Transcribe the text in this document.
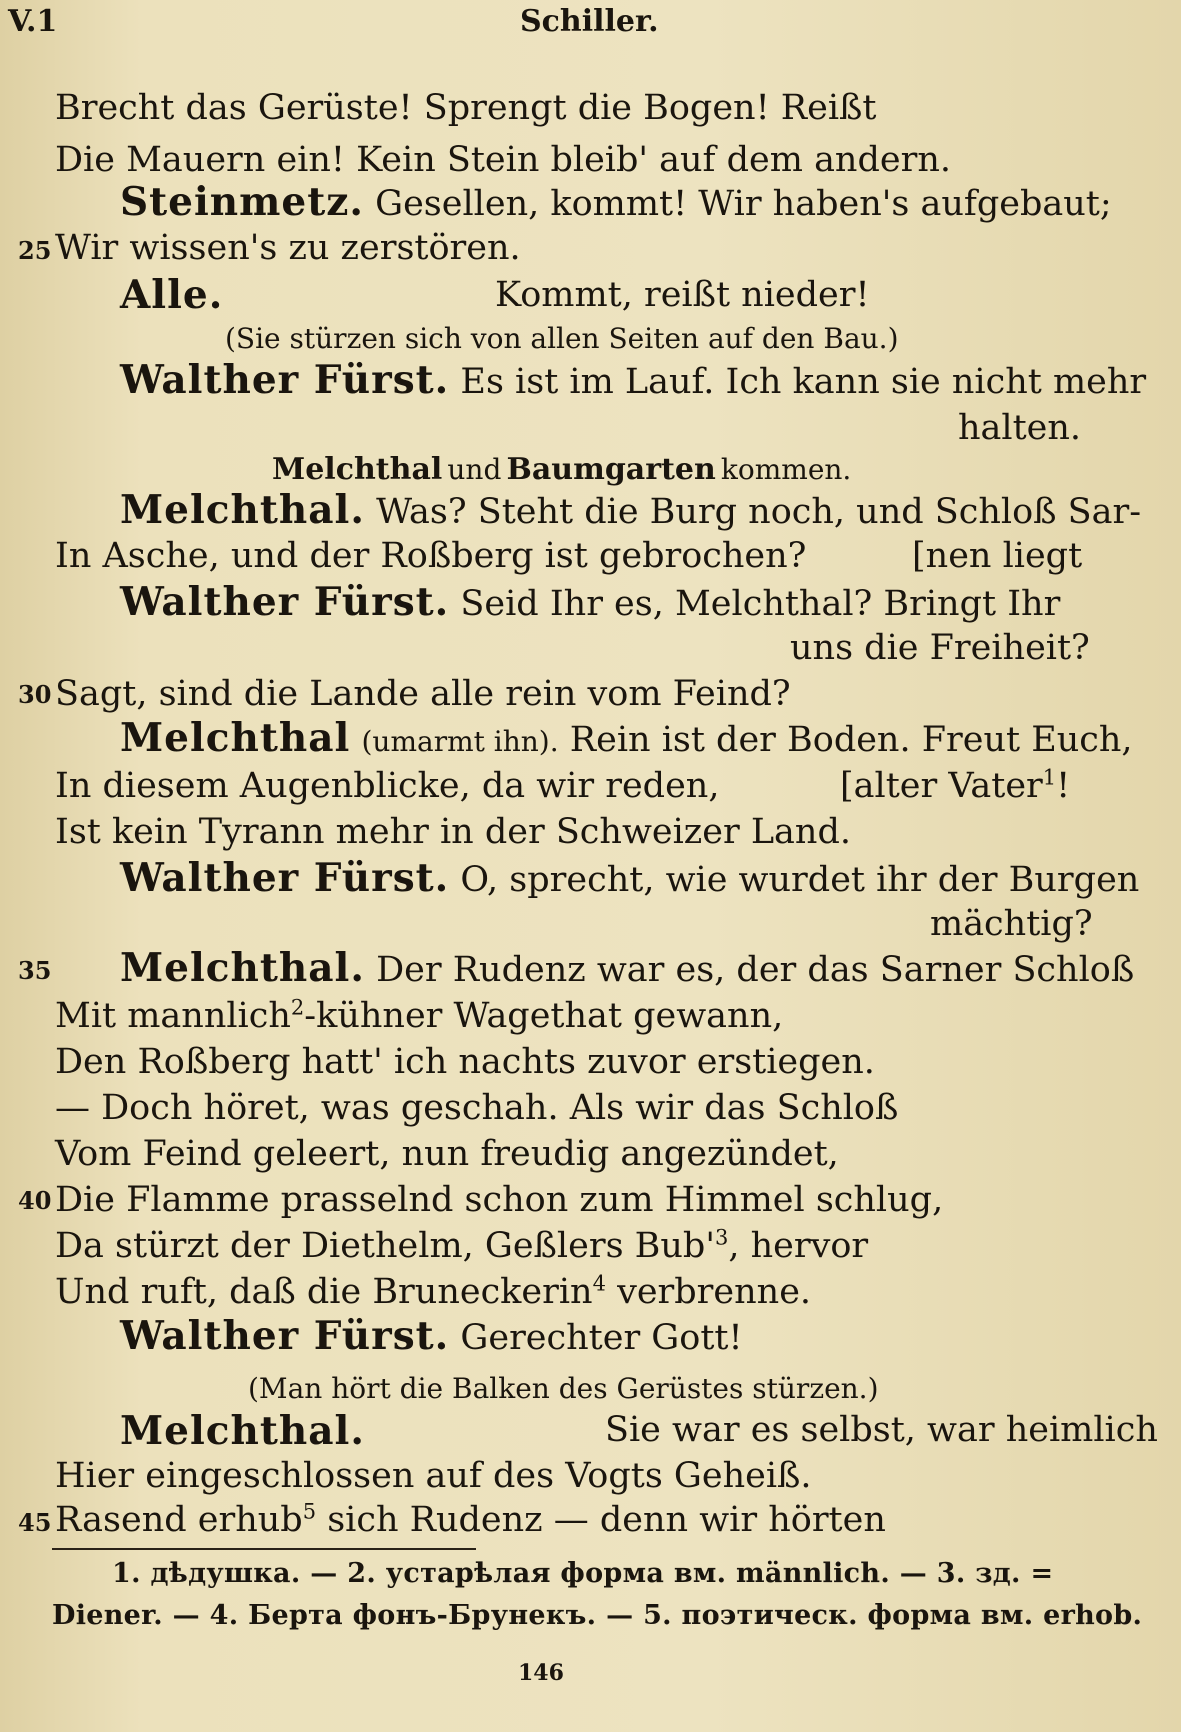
V.1	Schiller.
Brecht das Gerüste! Sprengt die Bogen! Reißt
Die Mauern ein! Kein Stein bleib' auf dem andern.
Steinmetz. Gesellen, kommt! Wir haben's aufgebaut;
25 Wir wissen's zu zerstören.
Alle.	Kommt, reißt nieder!
(Sie stürzen sich von allen Seiten auf den Bau.)
Walther Fürst. Es ist im Lauf. Ich kann sie nicht mehr
halten.
Melchthal und Baumgarten kommen.
Melchthal. Was? Steht die Burg noch, und Schloß Sar-
In Asche, und der Roßberg ist gebrochen?	[nen liegt
Walther Fürst. Seid Ihr es, Melchthal? Bringt Ihr
uns die Freiheit?
30 Sagt, sind die Lande alle rein vom Feind?
Melchthal (umarmt ihn). Rein ist der Boden. Freut Euch,
In diesem Augenblicke, da wir reden,	[alter Vater$^1$!
Ist kein Tyrann mehr in der Schweizer Land.
Walther Fürst. O, sprecht, wie wurdet ihr der Burgen
mächtig?
35 Melchthal. Der Rudenz war es, der das Sarner Schloß
Mit mannlich$^2$-kühner Wagethat gewann,
Den Roßberg hatt' ich nachts zuvor erstiegen.
— Doch höret, was geschah. Als wir das Schloß
Vom Feind geleert, nun freudig angezündet,
40 Die Flamme prasselnd schon zum Himmel schlug,
Da stürzt der Diethelm, Geßlers $Bub'^3$, hervor
Und ruft, daß die Bruneckerin$^4$ verbrenne.
Walther Fürst. Gerechter Gott!
(Man hört die Balken des Gerüstes stürzen.)
Melchthal.	Sie war es selbst, war heimlich
Hier eingeschlossen auf des Vogts Geheiß.
45 Rasend erhub$^5$ sich Rudenz — denn wir hörten
1. дѣдушка. — 2. устарѣлая форма вм. männlich. — 3. зд. =
Diener. — 4. Берта фонъ-Брунекъ. — 5. поэтическ. форма вм. erhob.
146
